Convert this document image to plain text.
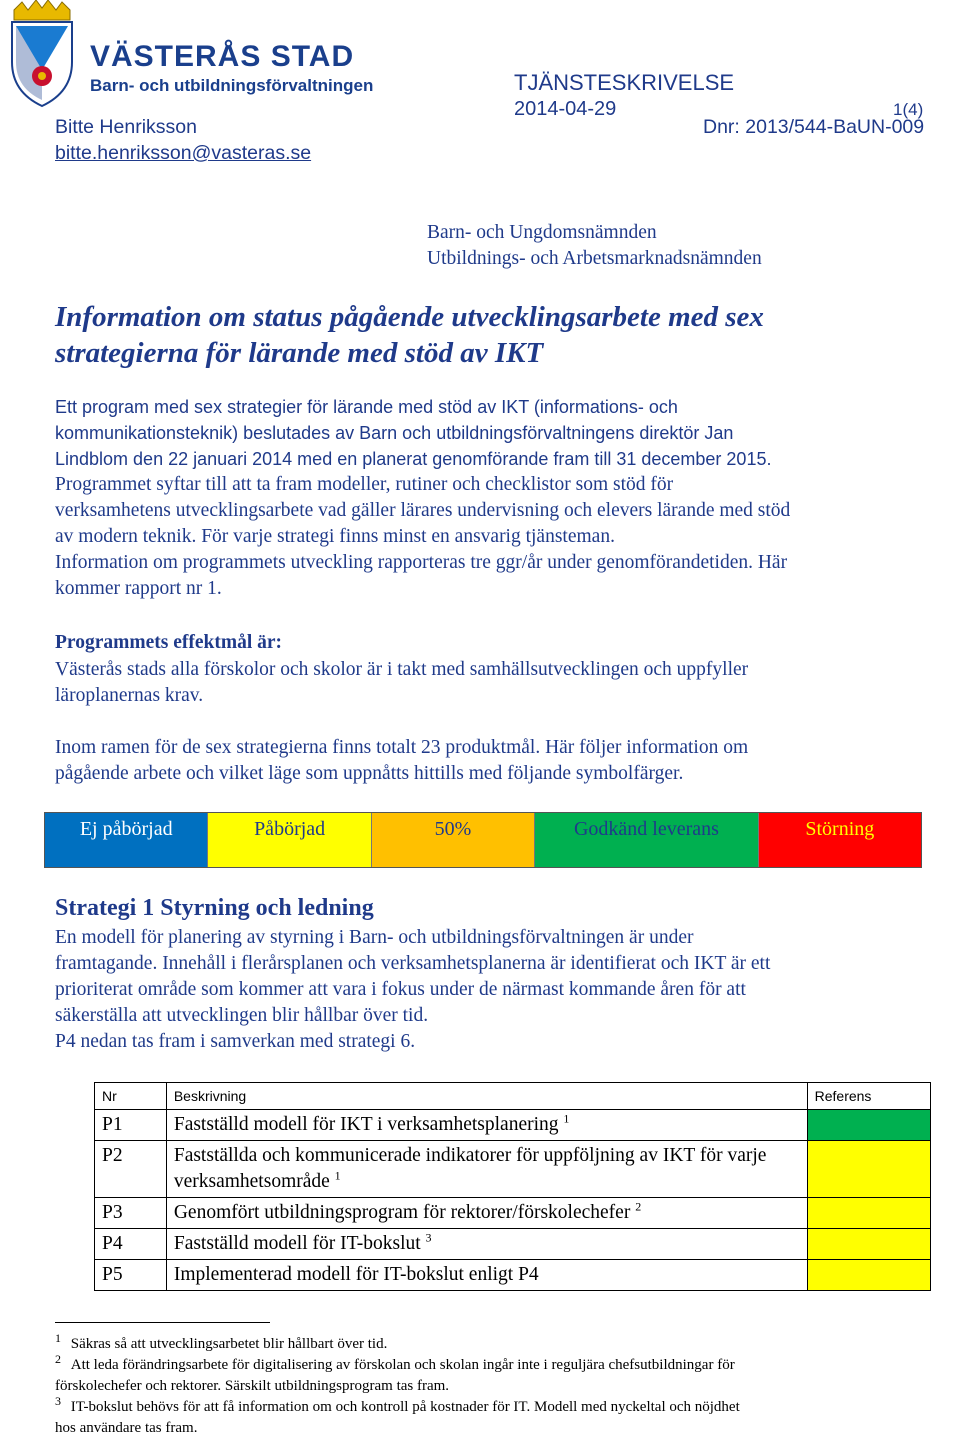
VÄSTERÅS STAD
Barn- och utbildningsförvaltningen
Bitte Henriksson
bitte.henriksson@vasteras.se
TJÄNSTESKRIVELSE
2014-04-29
Dnr: 2013/544-BaUN-009
1(4)
Barn- och Ungdomsnämnden
Utbildnings- och Arbetsmarknadsnämnden
Information om status pågående utvecklingsarbete med sex
strategierna för lärande med stöd av IKT
Ett program med sex strategier för lärande med stöd av IKT (informations- och
kommunikationsteknik) beslutades av Barn och utbildningsförvaltningens direktör Jan
Lindblom den 22 januari 2014 med en planerat genomförande fram till 31 december 2015.
Programmet syftar till att ta fram modeller, rutiner och checklistor som stöd för
verksamhetens utvecklingsarbete vad gäller lärares undervisning och elevers lärande med stöd
av modern teknik. För varje strategi finns minst en ansvarig tjänsteman.
Information om programmets utveckling rapporteras tre ggr/år under genomförandetiden. Här
kommer rapport nr 1.
Programmets effektmål är:
Västerås stads alla förskolor och skolor är i takt med samhällsutvecklingen och uppfyller
läroplanernas krav.
Inom ramen för de sex strategierna finns totalt 23 produktmål. Här följer information om
pågående arbete och vilket läge som uppnåtts hittills med följande symbolfärger.
Ej påbörjad	Påbörjad	50%	Godkänd leverans	Störning
Strategi 1 Styrning och ledning
En modell för planering av styrning i Barn- och utbildningsförvaltningen är under
framtagande. Innehåll i flerårsplanen och verksamhetsplanerna är identifierat och IKT är ett
prioriterat område som kommer att vara i fokus under de närmast kommande åren för att
säkerställa att utvecklingen blir hållbar över tid.
P4 nedan tas fram i samverkan med strategi 6.
Nr	Beskrivning	Referens
P1	Fastställd modell för IKT i verksamhetsplanering $^1$	
P2	Fastställda och kommunicerade indikatorer för uppföljning av IKT för varje verksamhetsområde $^1$	
P3	Genomfört utbildningsprogram för rektorer/förskolechefer $^2$	
P4	Fastställd modell för IT-bokslut $^3$	
P5	Implementerad modell för IT-bokslut enligt P4	
$^1$ Säkras så att utvecklingsarbetet blir hållbart över tid.
$^2$ Att leda förändringsarbete för digitalisering av förskolan och skolan ingår inte i reguljära chefsutbildningar för
förskolechefer och rektorer. Särskilt utbildningsprogram tas fram.
$^3$ IT-bokslut behövs för att få information om och kontroll på kostnader för IT. Modell med nyckeltal och nöjdhet
hos användare tas fram.
